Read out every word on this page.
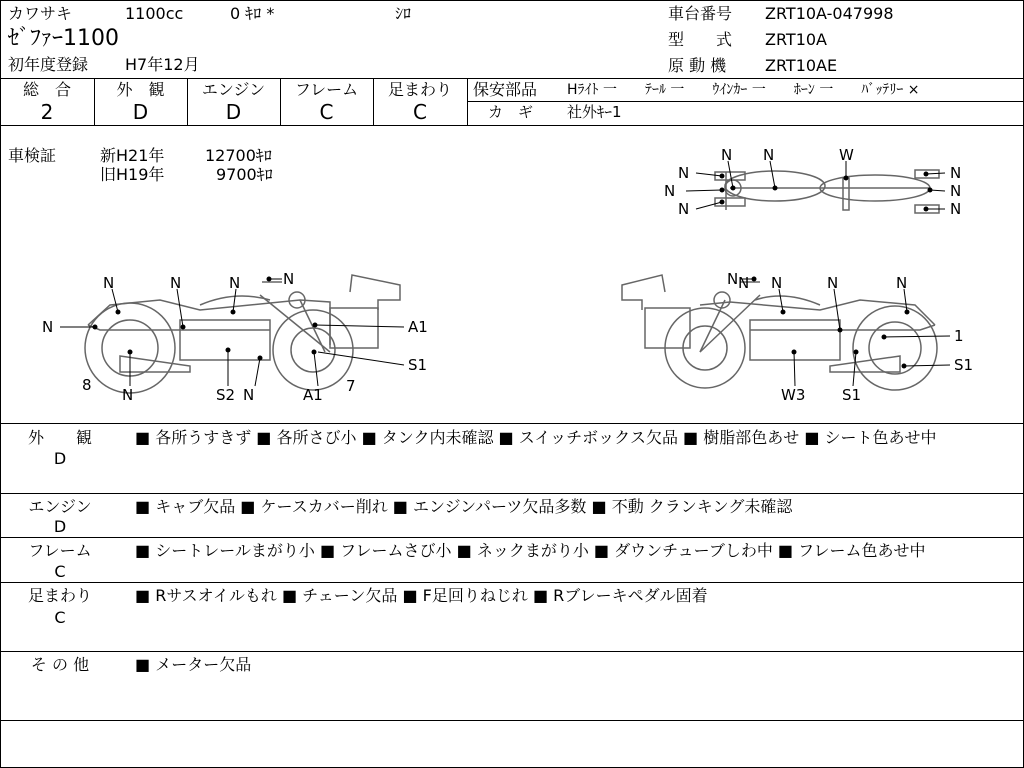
カワサキ	1100cc	0 ｷﾛ *	ｼﾛ
ｾﾞﾌｧｰ1100
初年度登録 H7年12月
車台番号 ZRT10A-047998
型　　式 ZRT10A
原 動 機 ZRT10AE
総　合	外　観	エンジン	フレーム	足まわり
2	D	D	C	C
保安部品 Hﾗｲﾄ 一　　ﾃｰﾙ 一　　ｳｲﾝｶｰ 一　　ﾎｰﾝ 一　　ﾊﾞｯﾃﾘｰ ×
カ　ギ 社外ｷｰ1
車検証	新H21年	12700ｷﾛ
旧H19年	9700ｷﾛ
N N	W
N
N
N
N
N
N
N	N	N	N
N
8
N	S2 N
A1
7
A1
S1
N N	N	N
N
1
S1
W3 S1
外　　観
D
■ 各所うすきず ■ 各所さび小 ■ タンク内未確認 ■ スイッチボックス欠品 ■ 樹脂部色あせ ■ シート色あせ中
エンジン
D
■ キャブ欠品 ■ ケースカバー削れ ■ エンジンパーツ欠品多数 ■ 不動 クランキング未確認
フレーム
C
■ シートレールまがり小 ■ フレームさび小 ■ ネックまがり小 ■ ダウンチューブしわ中 ■ フレーム色あせ中
足まわり
C
■ Rサスオイルもれ ■ チェーン欠品 ■ F足回りねじれ ■ Rブレーキペダル固着
そ の 他	■ メーター欠品
